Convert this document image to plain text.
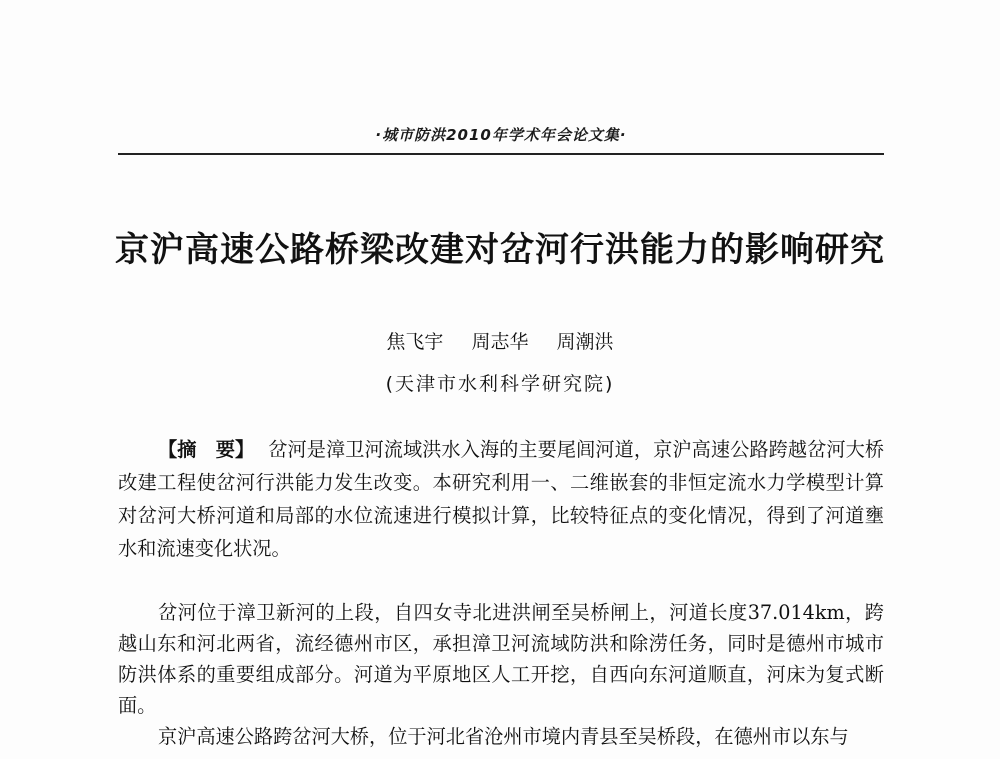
·城市防洪2010年学术年会论文集·
京沪高速公路桥梁改建对岔河行洪能力的影响研究
焦飞宇 周志华 周潮洪
(天津市水利科学研究院)
【摘　要】 岔河是漳卫河流域洪水入海的主要尾闾河道，京沪高速公路跨越岔河大桥改建工程使岔河行洪能力发生改变。本研究利用一、二维嵌套的非恒定流水力学模型计算对岔河大桥河道和局部的水位流速进行模拟计算，比较特征点的变化情况，得到了河道壅水和流速变化状况。

岔河位于漳卫新河的上段，自四女寺北进洪闸至吴桥闸上，河道长度37.014km，跨越山东和河北两省，流经德州市区，承担漳卫河流域防洪和除涝任务，同时是德州市城市防洪体系的重要组成部分。河道为平原地区人工开挖，自西向东河道顺直，河床为复式断面。

京沪高速公路跨岔河大桥，位于河北省沧州市境内青县至吴桥段，在德州市以东与
